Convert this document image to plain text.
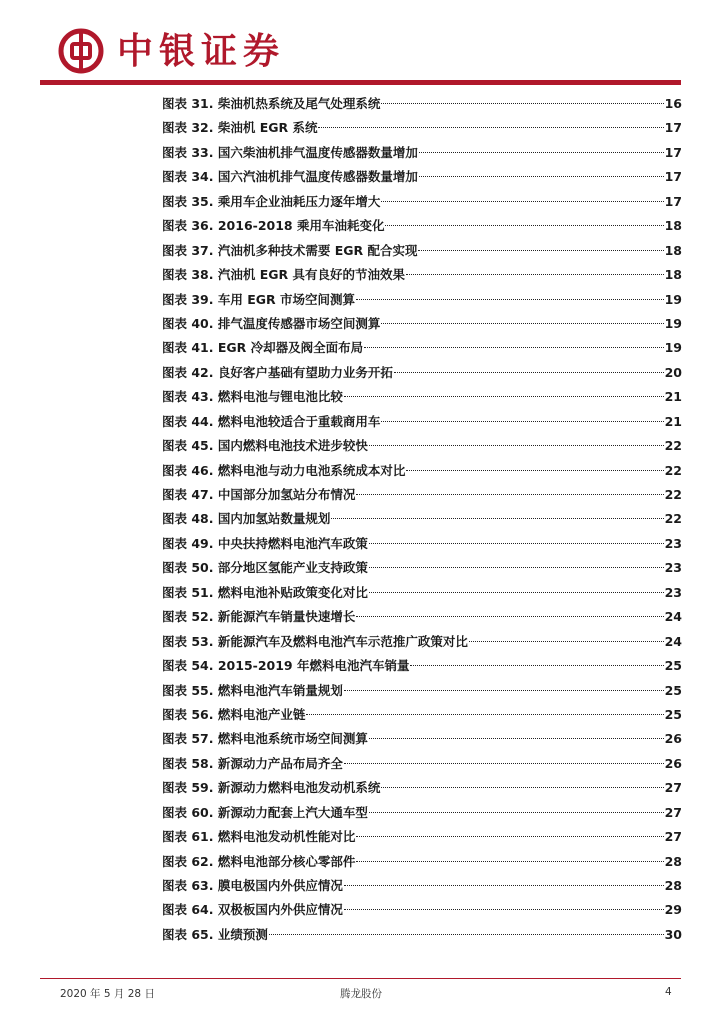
中银证券
图表 31. 柴油机热系统及尾气处理系统	16
图表 32. 柴油机 EGR 系统	17
图表 33. 国六柴油机排气温度传感器数量增加	17
图表 34. 国六汽油机排气温度传感器数量增加	17
图表 35. 乘用车企业油耗压力逐年增大	17
图表 36. 2016-2018 乘用车油耗变化	18
图表 37. 汽油机多种技术需要 EGR 配合实现	18
图表 38. 汽油机 EGR 具有良好的节油效果	18
图表 39. 车用 EGR 市场空间测算	19
图表 40. 排气温度传感器市场空间测算	19
图表 41. EGR 冷却器及阀全面布局	19
图表 42. 良好客户基础有望助力业务开拓	20
图表 43. 燃料电池与锂电池比较	21
图表 44. 燃料电池较适合于重载商用车	21
图表 45. 国内燃料电池技术进步较快	22
图表 46. 燃料电池与动力电池系统成本对比	22
图表 47. 中国部分加氢站分布情况	22
图表 48. 国内加氢站数量规划	22
图表 49. 中央扶持燃料电池汽车政策	23
图表 50. 部分地区氢能产业支持政策	23
图表 51. 燃料电池补贴政策变化对比	23
图表 52. 新能源汽车销量快速增长	24
图表 53. 新能源汽车及燃料电池汽车示范推广政策对比	24
图表 54. 2015-2019 年燃料电池汽车销量	25
图表 55. 燃料电池汽车销量规划	25
图表 56. 燃料电池产业链	25
图表 57. 燃料电池系统市场空间测算	26
图表 58. 新源动力产品布局齐全	26
图表 59. 新源动力燃料电池发动机系统	27
图表 60. 新源动力配套上汽大通车型	27
图表 61. 燃料电池发动机性能对比	27
图表 62. 燃料电池部分核心零部件	28
图表 63. 膜电极国内外供应情况	28
图表 64. 双极板国内外供应情况	29
图表 65. 业绩预测	30
2020 年 5 月 28 日	腾龙股份	4
